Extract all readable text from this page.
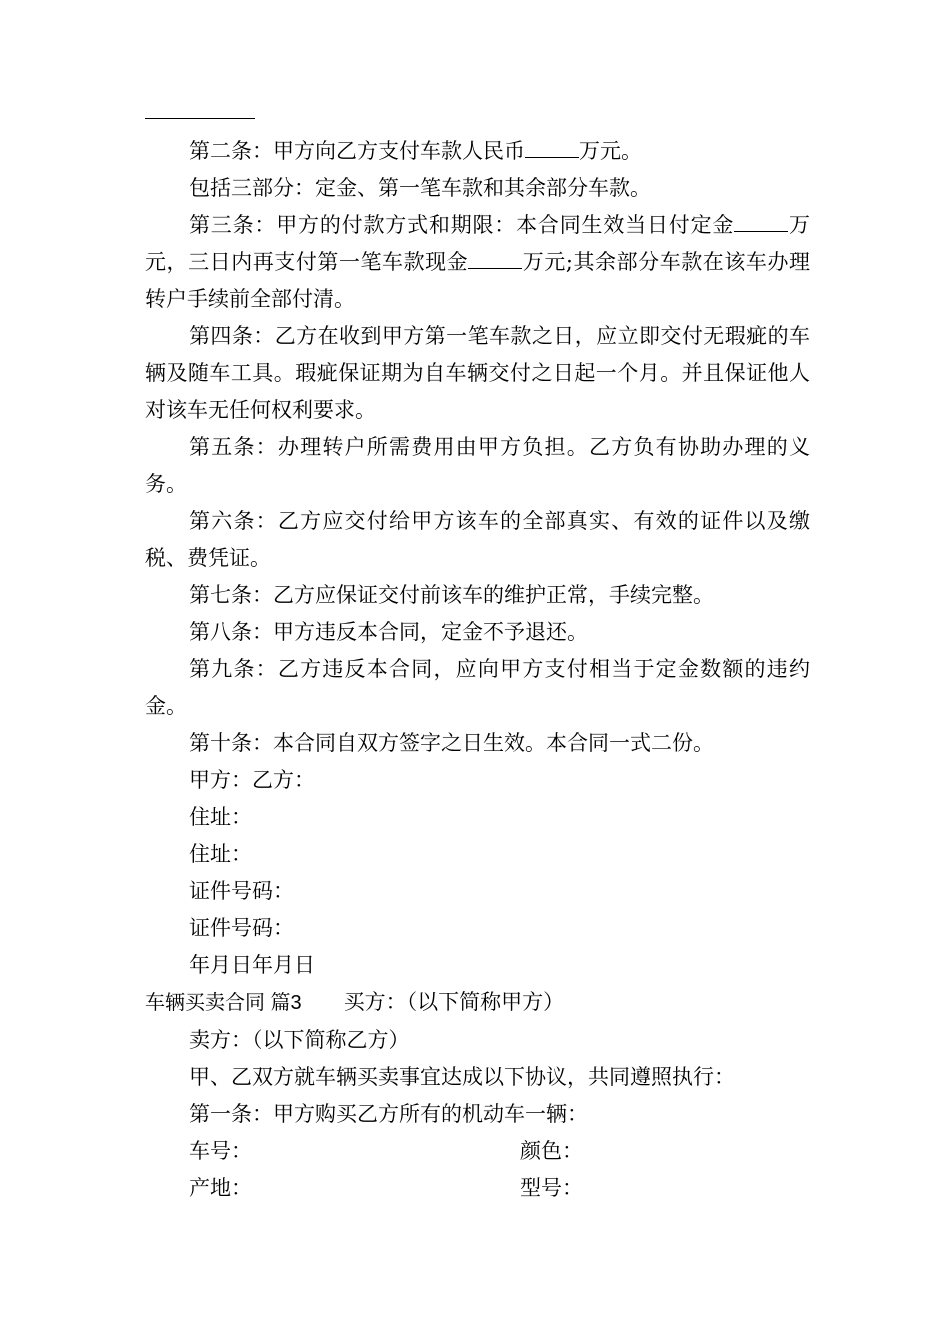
第二条：甲方向乙方支付车款人民币	万元。

包括三部分：定金、第一笔车款和其余部分车款。

第三条：甲方的付款方式和期限：本合同生效当日付定金	万元，三日内再支付第一笔车款现金	万元;其余部分车款在该车办理转户手续前全部付清。

第四条：乙方在收到甲方第一笔车款之日，应立即交付无瑕疵的车辆及随车工具。瑕疵保证期为自车辆交付之日起一个月。并且保证他人对该车无任何权利要求。

第五条：办理转户所需费用由甲方负担。乙方负有协助办理的义务。

第六条：乙方应交付给甲方该车的全部真实、有效的证件以及缴税、费凭证。

第七条：乙方应保证交付前该车的维护正常，手续完整。

第八条：甲方违反本合同，定金不予退还。

第九条：乙方违反本合同，应向甲方支付相当于定金数额的违约金。

第十条：本合同自双方签字之日生效。本合同一式二份。

甲方：乙方：

住址：

住址：

证件号码：

证件号码：

年月日年月日

车辆买卖合同 篇3 买方：（以下简称甲方）

卖方：（以下简称乙方）

甲、乙双方就车辆买卖事宜达成以下协议，共同遵照执行：

第一条：甲方购买乙方所有的机动车一辆：

车号：	颜色：
产地：	型号：
